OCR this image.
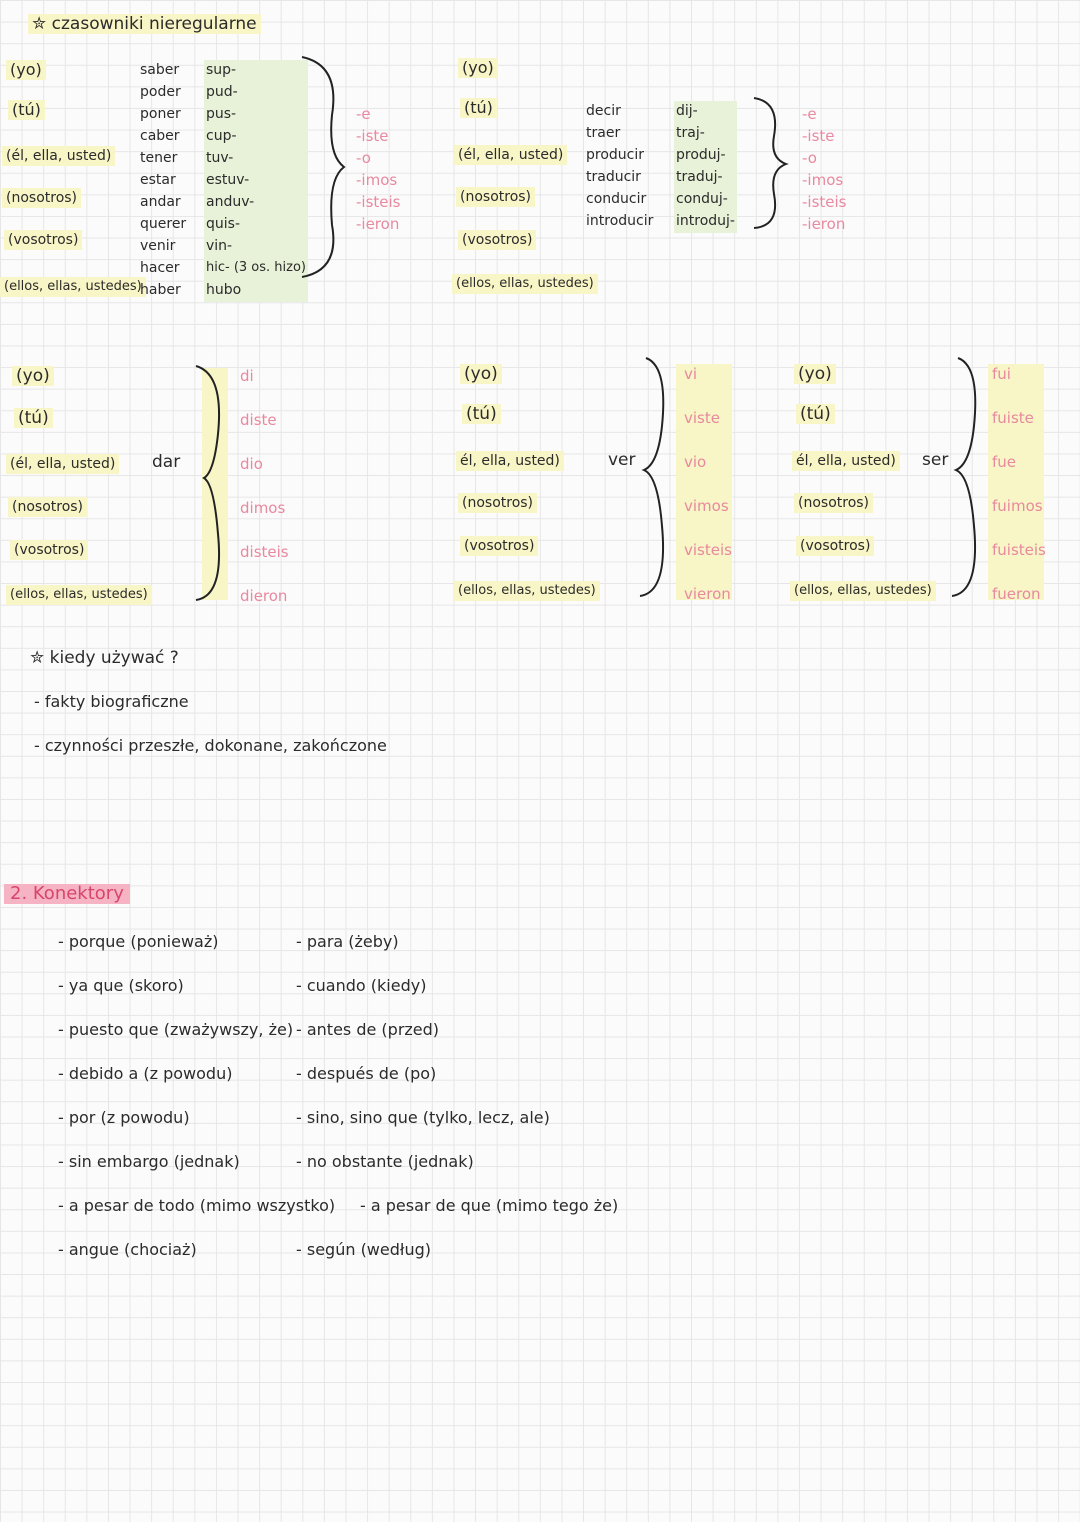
✮ czasowniki nieregularne
(yo)
(tú)
(él, ella, usted)
(nosotros)
(vosotros)
(ellos, ellas, ustedes)
saber
poder
poner
caber
tener
estar
andar
querer
venir
hacer
haber
sup-
pud-
pus-
cup-
tuv-
estuv-
anduv-
quis-
vin-
hic- (3 os. hizo)
hubo
-e
-iste
-o
-imos
-isteis
-ieron
(yo)
(tú)
(él, ella, usted)
(nosotros)
(vosotros)
(ellos, ellas, ustedes)
decir
traer
producir
traducir
conducir
introducir
dij-
traj-
produj-
traduj-
conduj-
introduj-
-e
-iste
-o
-imos
-isteis
-ieron
(yo)
(tú)
(él, ella, usted)
(nosotros)
(vosotros)
(ellos, ellas, ustedes)
dar
di
diste
dio
dimos
disteis
dieron
(yo)
(tú)
él, ella, usted)
(nosotros)
(vosotros)
(ellos, ellas, ustedes)
ver
vi
viste
vio
vimos
visteis
vieron
(yo)
(tú)
él, ella, usted)
(nosotros)
(vosotros)
(ellos, ellas, ustedes)
ser
fui
fuiste
fue
fuimos
fuisteis
fueron
✮ kiedy używać ?
- fakty biograficzne
- czynności przeszłe, dokonane, zakończone
2. Konektory
- porque (ponieważ)
- ya que (skoro)
- puesto que (zważywszy, że)
- debido a (z powodu)
- por (z powodu)
- sin embargo (jednak)
- a pesar de todo (mimo wszystko)
- angue (chociaż)
- para (żeby)
- cuando (kiedy)
- antes de (przed)
- después de (po)
- sino, sino que (tylko, lecz, ale)
- no obstante (jednak)
- a pesar de que (mimo tego że)
- según (według)
